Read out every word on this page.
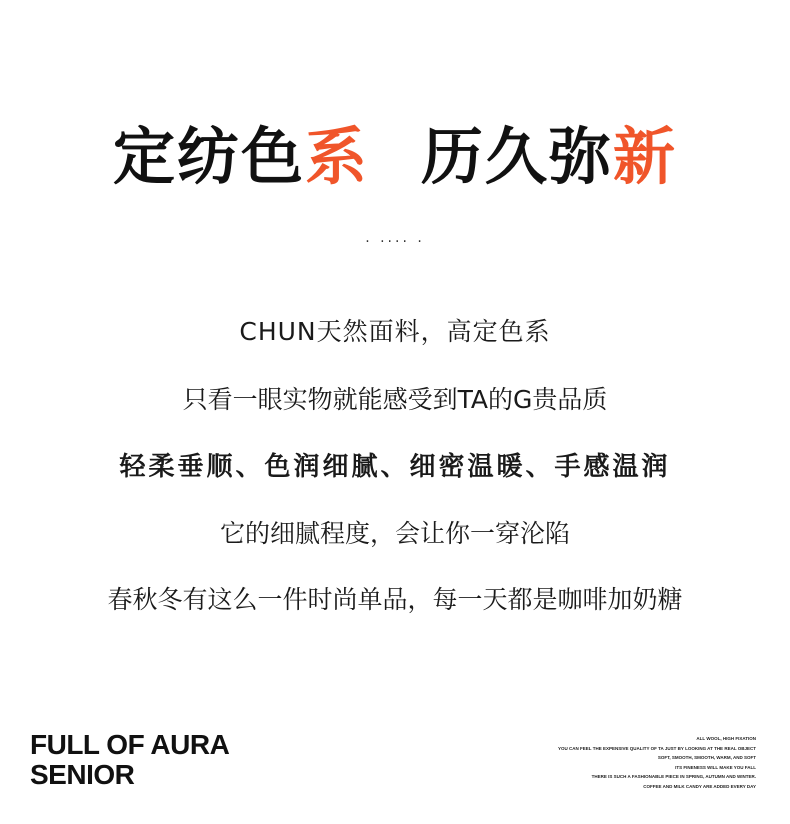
定纺色系 历久弥新
. .... .
CHUN天然面料，高定色系
只看一眼实物就能感受到TA的G贵品质
轻柔垂顺、色润细腻、细密温暖、手感温润
它的细腻程度，会让你一穿沦陷
春秋冬有这么一件时尚单品，每一天都是咖啡加奶糖
FULL OF AURA
SENIOR
ALL WOOL, HIGH FIXATION
YOU CAN FEEL THE EXPENSIVE QUALITY OF TA JUST BY LOOKING AT THE REAL OBJECT
SOFT, SMOOTH, SMOOTH, WARM, AND SOFT
ITS FINENESS WILL MAKE YOU FALL
THERE IS SUCH A FASHIONABLE PIECE IN SPRING, AUTUMN AND WINTER.
COFFEE AND MILK CANDY ARE ADDED EVERY DAY
